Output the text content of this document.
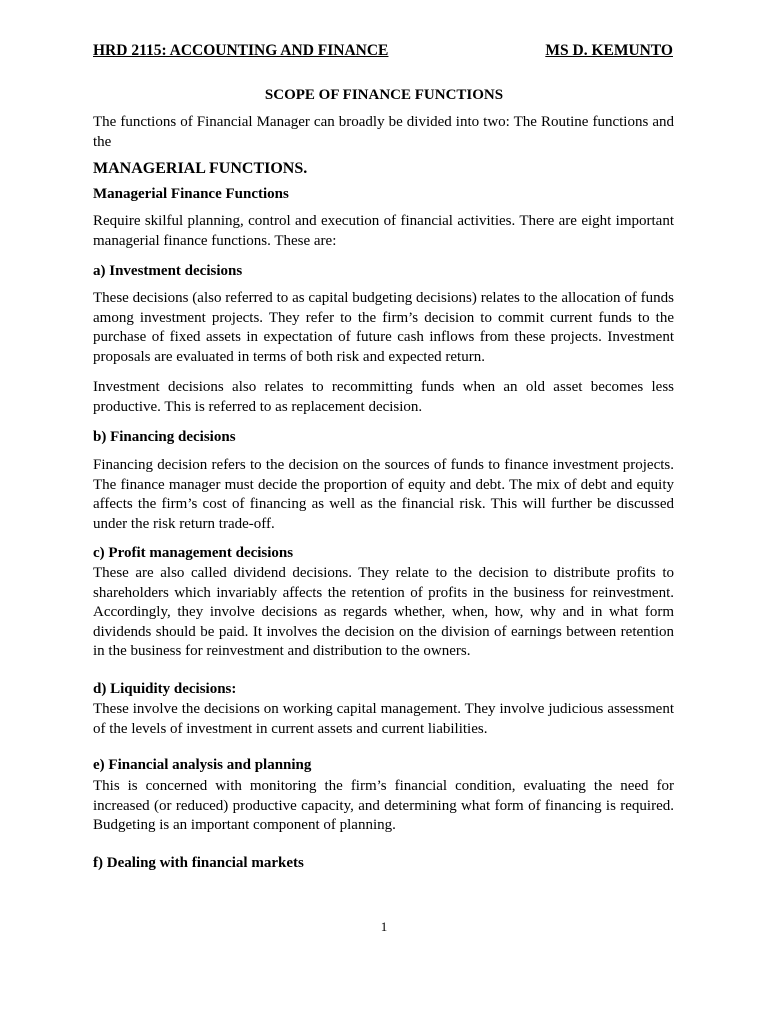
HRD 2115: ACCOUNTING AND FINANCE	MS D. KEMUNTO
SCOPE OF FINANCE FUNCTIONS

The functions of Financial Manager can broadly be divided into two: The Routine functions and the

MANAGERIAL FUNCTIONS.

Managerial Finance Functions

Require skilful planning, control and execution of financial activities. There are eight important managerial finance functions. These are:

a) Investment decisions

These decisions (also referred to as capital budgeting decisions) relates to the allocation of funds among investment projects. They refer to the firm’s decision to commit current funds to the purchase of fixed assets in expectation of future cash inflows from these projects. Investment proposals are evaluated in terms of both risk and expected return.

Investment decisions also relates to recommitting funds when an old asset becomes less productive. This is referred to as replacement decision.

b) Financing decisions

Financing decision refers to the decision on the sources of funds to finance investment projects. The finance manager must decide the proportion of equity and debt. The mix of debt and equity affects the firm’s cost of financing as well as the financial risk. This will further be discussed under the risk return trade-off.

c) Profit management decisions

These are also called dividend decisions. They relate to the decision to distribute profits to shareholders which invariably affects the retention of profits in the business for reinvestment. Accordingly, they involve decisions as regards whether, when, how, why and in what form dividends should be paid. It involves the decision on the division of earnings between retention in the business for reinvestment and distribution to the owners.

d) Liquidity decisions:

These involve the decisions on working capital management. They involve judicious assessment of the levels of investment in current assets and current liabilities.

e) Financial analysis and planning

This is concerned with monitoring the firm’s financial condition, evaluating the need for increased (or reduced) productive capacity, and determining what form of financing is required. Budgeting is an important component of planning.

f) Dealing with financial markets

1
